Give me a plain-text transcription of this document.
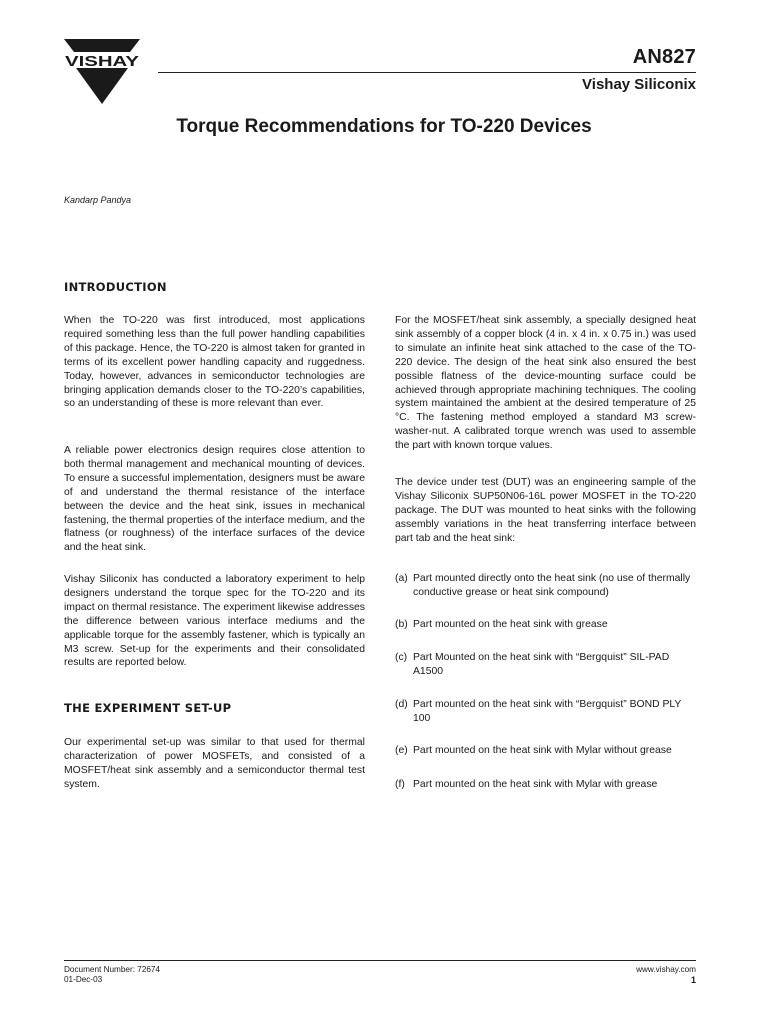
VISHAY	AN827
Vishay Siliconix
Torque Recommendations for TO-220 Devices
Kandarp Pandya
INTRODUCTION

When the TO-220 was first introduced, most applications required something less than the full power handling capabilities of this package. Hence, the TO-220 is almost taken for granted in terms of its excellent power handling capacity and ruggedness. Today, however, advances in semiconductor technologies are bringing application demands closer to the TO-220’s capabilities, so an understanding of these is more relevant than ever.

A reliable power electronics design requires close attention to both thermal management and mechanical mounting of devices. To ensure a successful implementation, designers must be aware of and understand the thermal resistance of the interface between the device and the heat sink, issues in mechanical fastening, the thermal properties of the interface medium, and the flatness (or roughness) of the interface surfaces of the device and the heat sink.

Vishay Siliconix has conducted a laboratory experiment to help designers understand the torque spec for the TO-220 and its impact on thermal resistance. The experiment likewise addresses the difference between various interface mediums and the applicable torque for the assembly fastener, which is typically an M3 screw. Set-up for the experiments and their consolidated results are reported below.

THE EXPERIMENT SET-UP

Our experimental set-up was similar to that used for thermal characterization of power MOSFETs, and consisted of a MOSFET/heat sink assembly and a semiconductor thermal test system.

For the MOSFET/heat sink assembly, a specially designed heat sink assembly of a copper block (4 in. x 4 in. x 0.75 in.) was used to simulate an infinite heat sink attached to the case of the TO-220 device. The design of the heat sink also ensured the best possible flatness of the device-mounting surface could be achieved through appropriate machining techniques. The cooling system maintained the ambient at the desired temperature of 25 °C. The fastening method employed a standard M3 screw-washer-nut. A calibrated torque wrench was used to assemble the part with known torque values.

The device under test (DUT) was an engineering sample of the Vishay Siliconix SUP50N06-16L power MOSFET in the TO-220 package. The DUT was mounted to heat sinks with the following assembly variations in the heat transferring interface between part tab and the heat sink:

(a) Part mounted directly onto the heat sink (no use of thermally conductive grease or heat sink compound)
(b) Part mounted on the heat sink with grease
(c) Part Mounted on the heat sink with “Bergquist” SIL-PAD A1500
(d) Part mounted on the heat sink with “Bergquist” BOND PLY 100
(e) Part mounted on the heat sink with Mylar without grease
(f) Part mounted on the heat sink with Mylar with grease
Document Number: 72674
01-Dec-03
www.vishay.com
1
